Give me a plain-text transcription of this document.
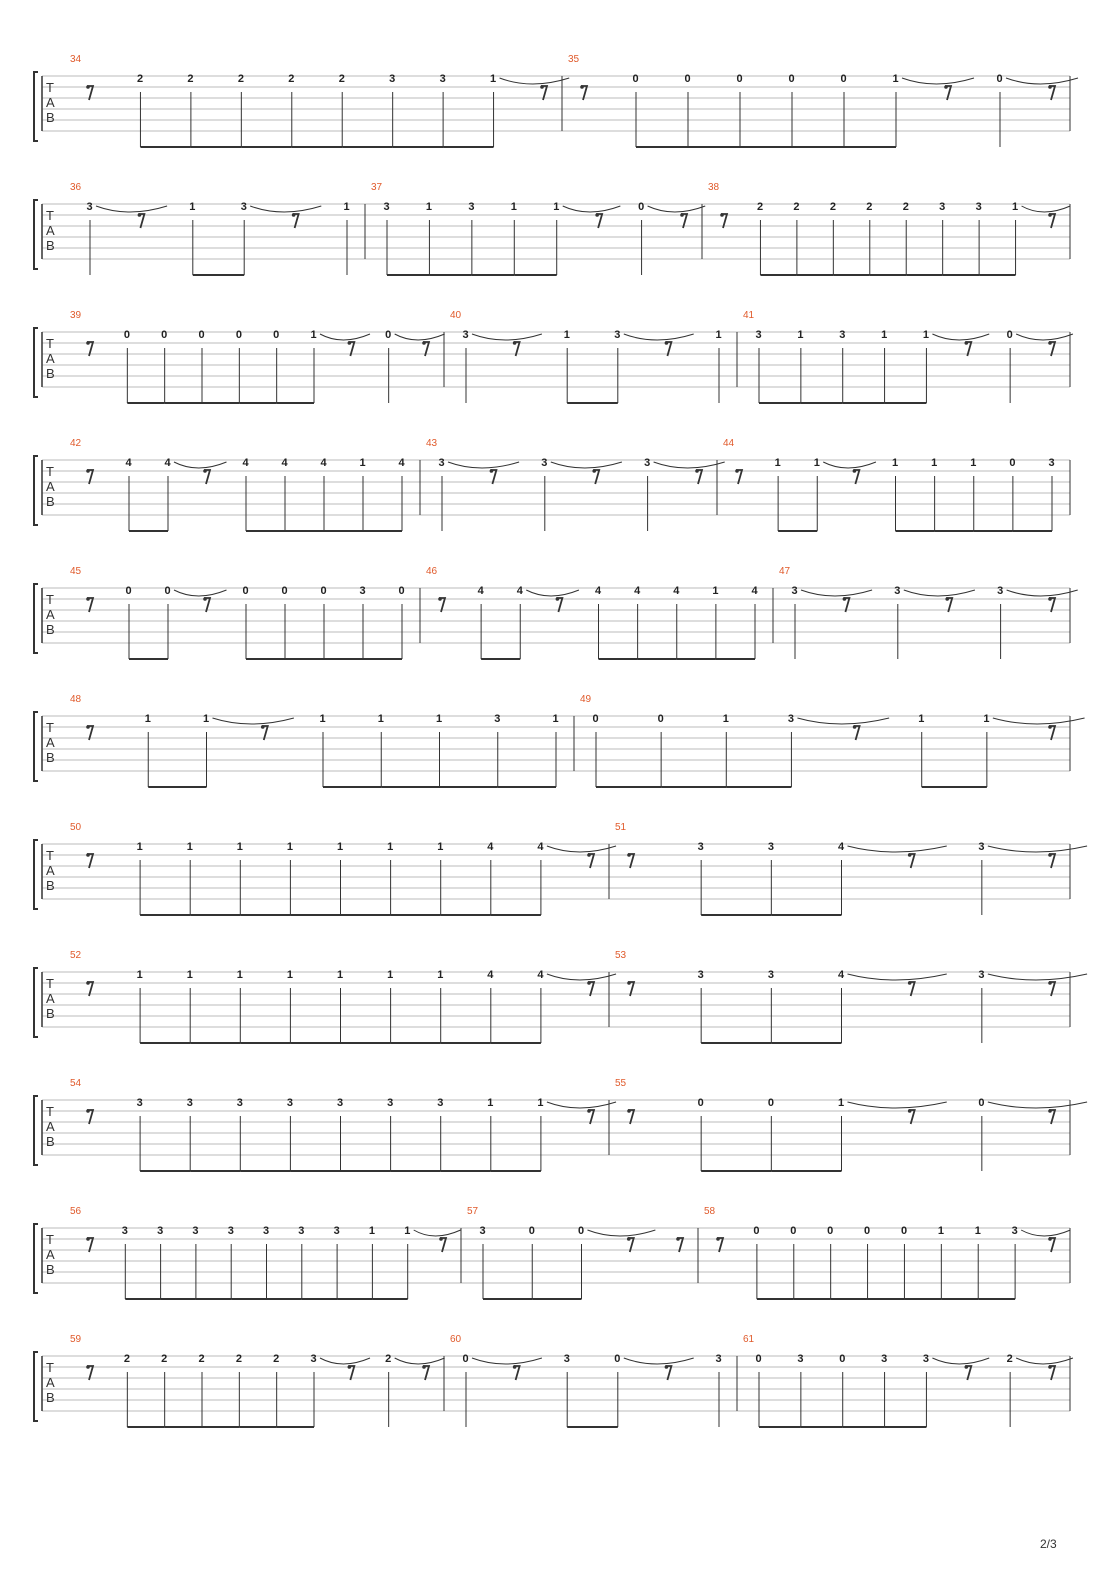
T
A
B
34
2	2	2	2	2	3	3	1
35
0	0	0	0	0	1	0
T
A
B
36
3	1	3	1
37
3	1	3	1	1	0
38
2	2	2	2	2	3	3	1
T
A
B
39
0	0	0	0	0	1	0
40
3	1	3	1
41
3	1	3	1	1	0
T
A
B
42
4	4	4	4	4	1	4
43
3	3	3
44
1	1	1	1	1	0	3
T
A
B
45
0	0	0	0	0	3	0
46
4	4	4	4	4	1	4
47
3	3	3
T
A
B
48
1	1	1	1	1	3	1
49
0	0	1	3	1	1
T
A
B
50
1	1	1	1	1	1	1	4	4
51
3	3	4	3
T
A
B
52
1	1	1	1	1	1	1	4	4
53
3	3	4	3
T
A
B
54
3	3	3	3	3	3	3	1	1
55
0	0	1	0
T
A
B
56
3	3	3	3	3	3	3	1	1
57
3	0	0
58
0	0	0	0	0	1	1	3
T
A
B
59
2	2	2	2	2	3	2
60
0	3	0	3
61
0	3	0	3	3	2
2/3
